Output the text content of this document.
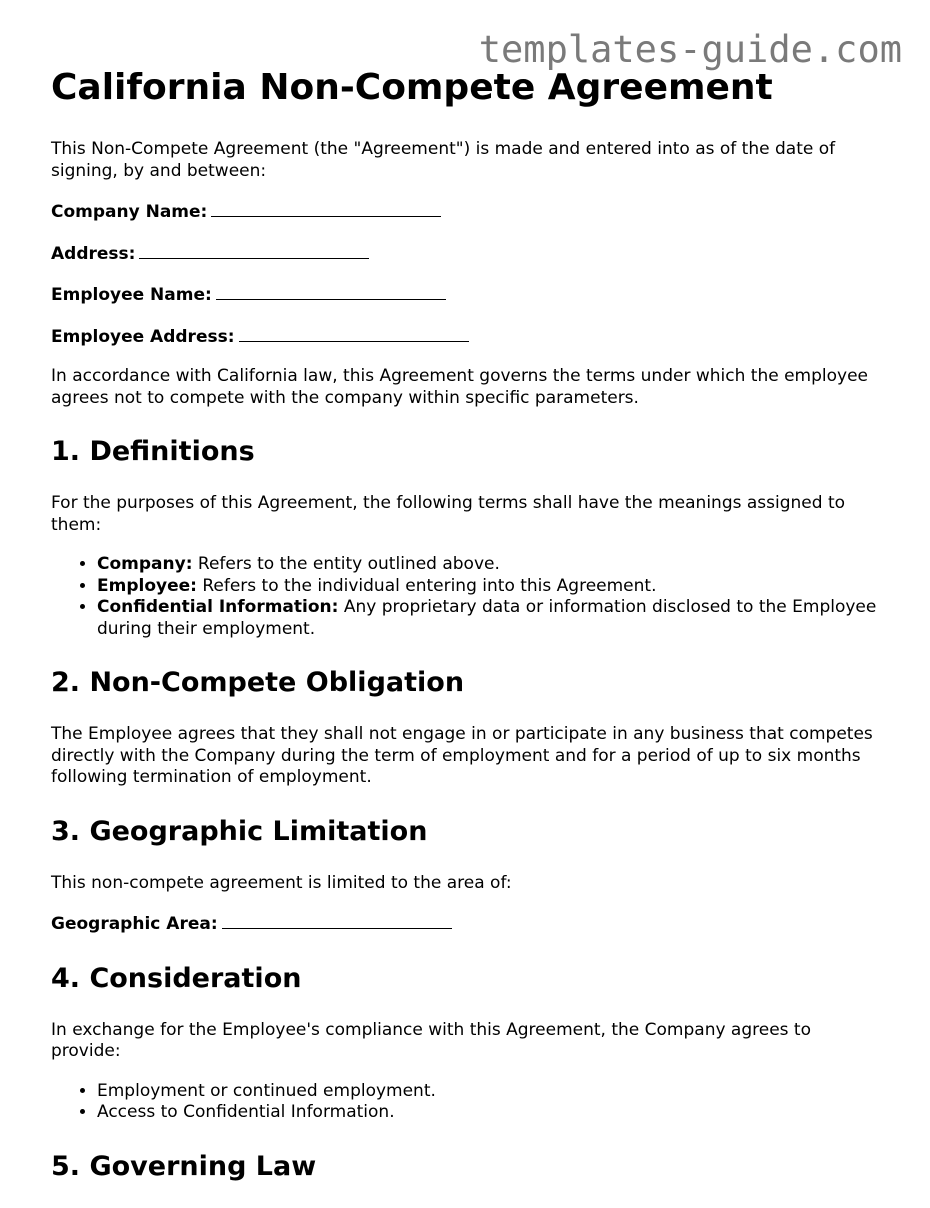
templates-guide.com
California Non-Compete Agreement

This Non-Compete Agreement (the "Agreement") is made and entered into as of the date of signing, by and between:

Company Name:

Address:

Employee Name:

Employee Address:

In accordance with California law, this Agreement governs the terms under which the employee agrees not to compete with the company within specific parameters.

1. Definitions

For the purposes of this Agreement, the following terms shall have the meanings assigned to them:

• Company: Refers to the entity outlined above.
• Employee: Refers to the individual entering into this Agreement.
• Confidential Information: Any proprietary data or information disclosed to the Employee during their employment.
2. Non-Compete Obligation

The Employee agrees that they shall not engage in or participate in any business that competes directly with the Company during the term of employment and for a period of up to six months following termination of employment.

3. Geographic Limitation

This non-compete agreement is limited to the area of:

Geographic Area:

4. Consideration

In exchange for the Employee's compliance with this Agreement, the Company agrees to provide:

• Employment or continued employment.
• Access to Confidential Information.
5. Governing Law
